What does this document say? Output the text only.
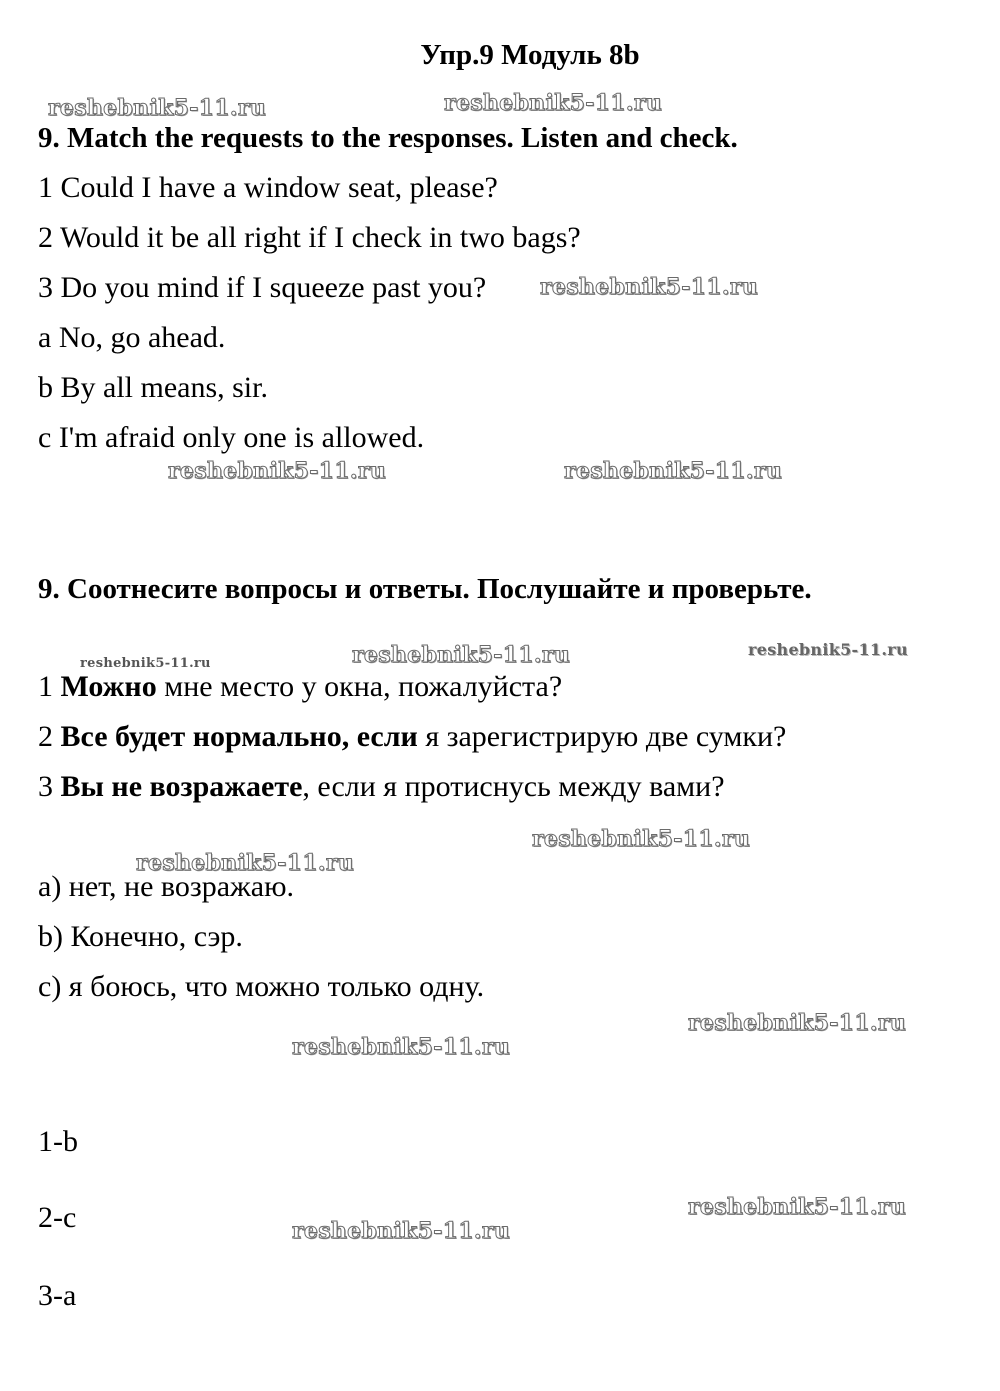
Упр.9 Модуль 8b
9. Match the requests to the responses. Listen and check.
1 Could I have a window seat, please?
2 Would it be all right if I check in two bags?
3 Do you mind if I squeeze past you?
a No, go ahead.
b By all means, sir.
c I'm afraid only one is allowed.
9. Соотнесите вопросы и ответы. Послушайте и проверьте.
1 Можно мне место у окна, пожалуйста?
2 Все будет нормально, если я зарегистрирую две сумки?
3 Вы не возражаете, если я протиснусь между вами?
а) нет, не возражаю.
b) Конечно, сэр.
с) я боюсь, что можно только одну.
1-b
2-c
3-a
reshebnik5-11.ru	reshebnik5-11.ru
reshebnik5-11.ru
reshebnik5-11.ru	reshebnik5-11.ru
reshebnik5-11.ru	reshebnik5-11.ru	reshebnik5-11.ru
reshebnik5-11.ru
reshebnik5-11.ru
reshebnik5-11.ru
reshebnik5-11.ru
reshebnik5-11.ru
reshebnik5-11.ru
